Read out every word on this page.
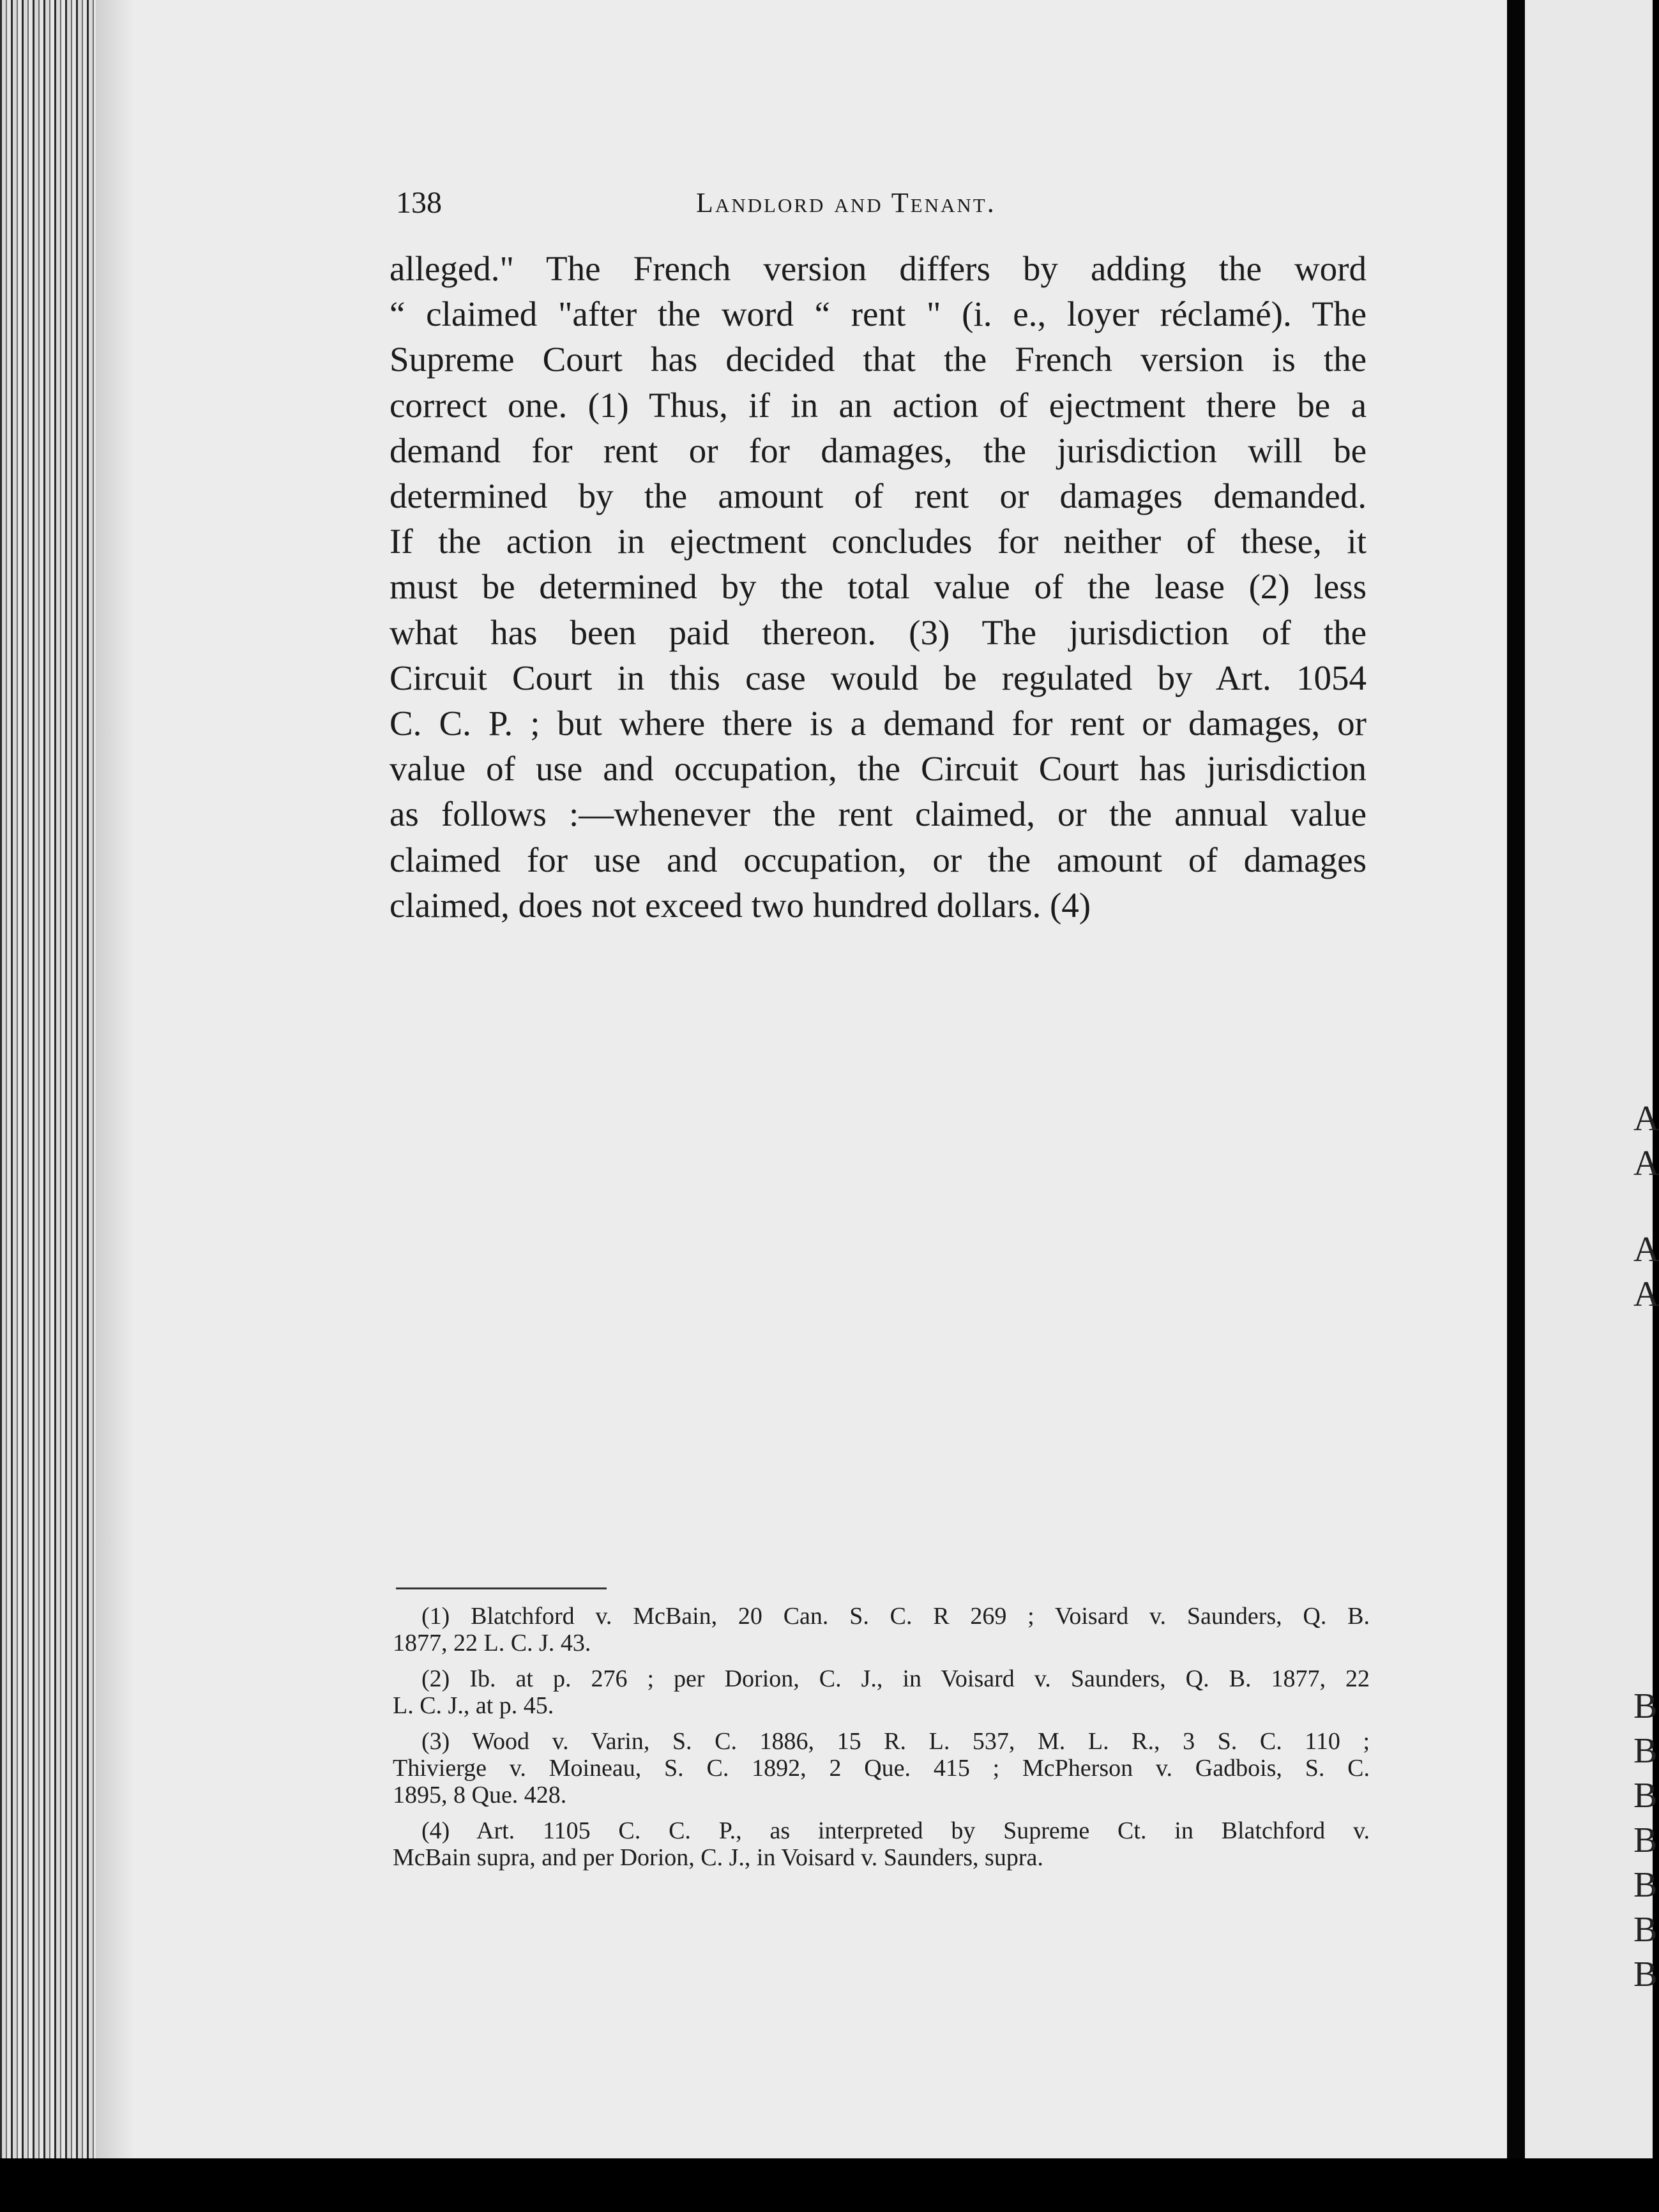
138	Landlord and Tenant.
alleged." The French version differs by adding the word
“ claimed "after the word “ rent " (i. e., loyer réclamé). The
Supreme Court has decided that the French version is the
correct one. (1) Thus, if in an action of ejectment there be a
demand for rent or for damages, the jurisdiction will be
determined by the amount of rent or damages demanded.
If the action in ejectment concludes for neither of these, it
must be determined by the total value of the lease (2) less
what has been paid thereon. (3) The jurisdiction of the
Circuit Court in this case would be regulated by Art. 1054
C. C. P. ; but where there is a demand for rent or damages, or
value of use and occupation, the Circuit Court has jurisdiction
as follows :—whenever the rent claimed, or the annual value
claimed for use and occupation, or the amount of damages
claimed, does not exceed two hundred dollars. (4)
(1) Blatchford v. McBain, 20 Can. S. C. R 269 ; Voisard v. Saunders, Q. B.
1877, 22 L. C. J. 43.
(2) Ib. at p. 276 ; per Dorion, C. J., in Voisard v. Saunders, Q. B. 1877, 22
L. C. J., at p. 45.
(3) Wood v. Varin, S. C. 1886, 15 R. L. 537, M. L. R., 3 S. C. 110 ;
Thivierge v. Moineau, S. C. 1892, 2 Que. 415 ; McPherson v. Gadbois, S. C.
1895, 8 Que. 428.
(4) Art. 1105 C. C. P., as interpreted by Supreme Ct. in Blatchford v.
McBain supra, and per Dorion, C. J., in Voisard v. Saunders, supra.
A
A
A
A
B
B
B
B
B
B
B
